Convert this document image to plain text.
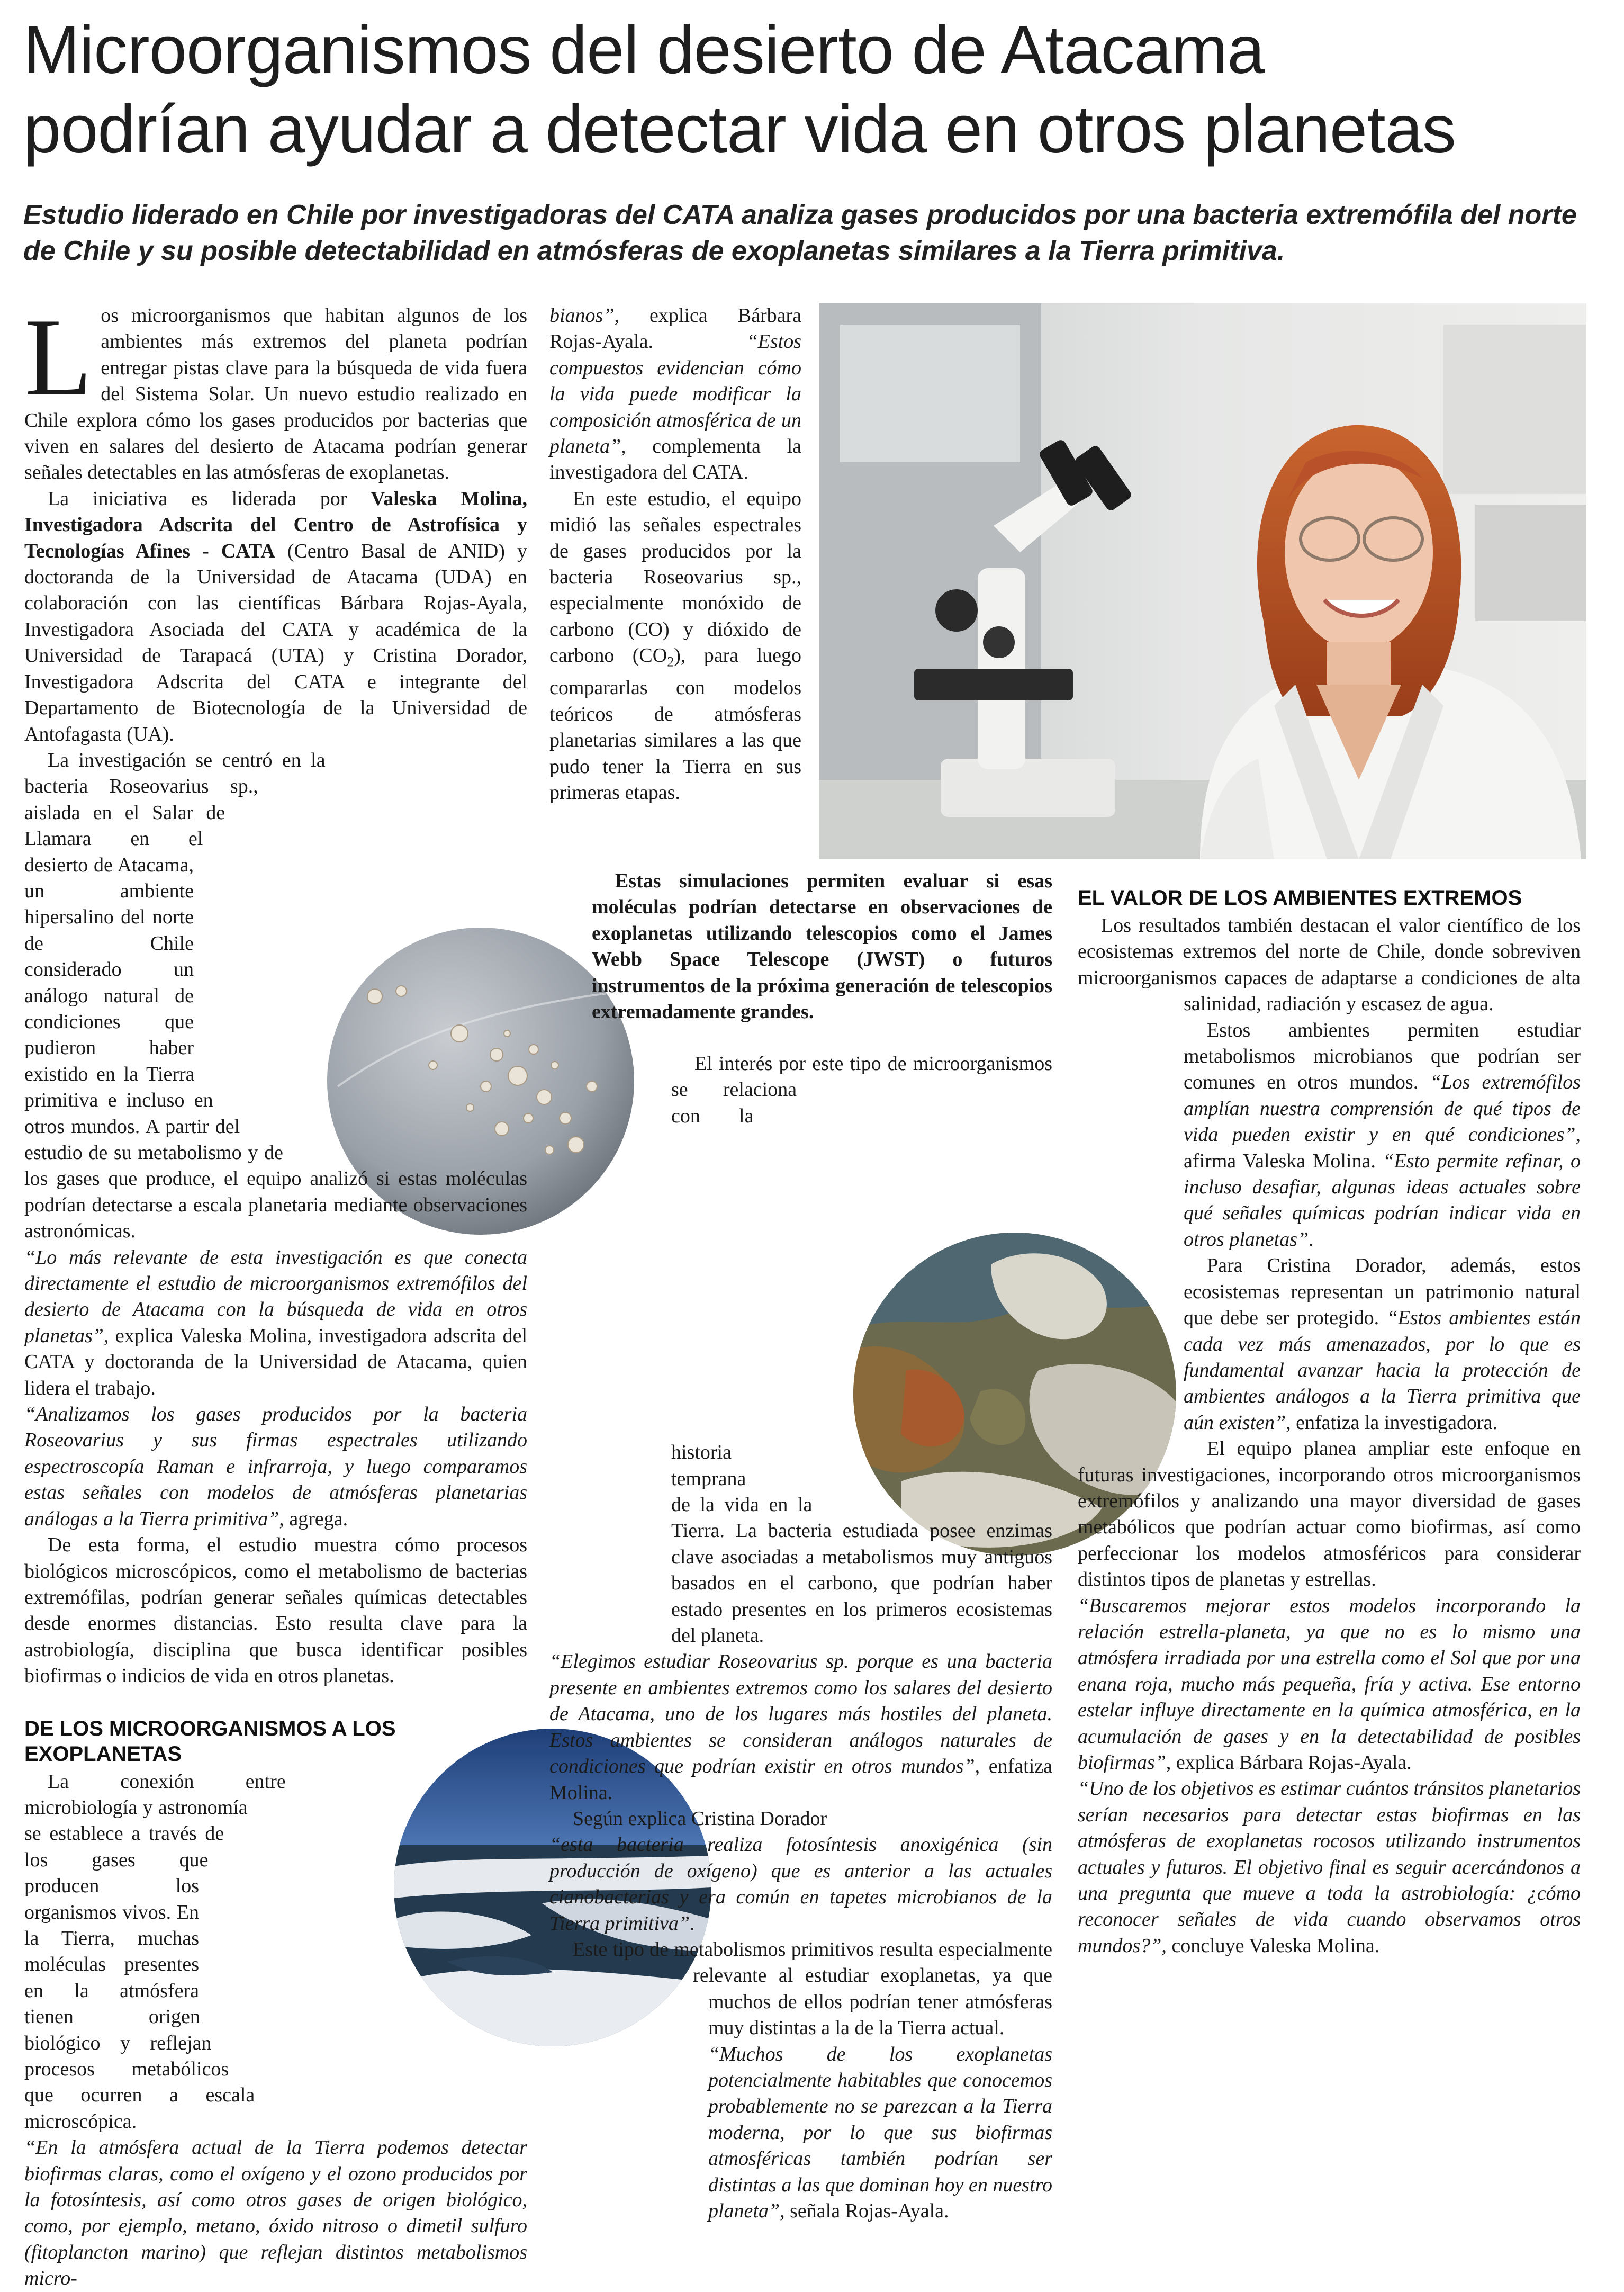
Microorganismos del desierto de Atacama
podrían ayudar a detectar vida en otros planetas

Estudio liderado en Chile por investigadoras del CATA analiza gases producidos por una bacteria extremófila del norte de Chile y su posible detectabilidad en atmósferas de exoplanetas similares a la Tierra primitiva.

L os microorganismos que habitan algunos de los ambientes más extremos del planeta podrían entregar pistas clave para la búsqueda de vida fuera del Sistema Solar. Un nuevo estudio realizado en Chile explora cómo los gases producidos por bacterias que viven en salares del desierto de Atacama podrían generar señales detectables en las atmósferas de exoplanetas.

La iniciativa es liderada por Valeska Molina, Investigadora Adscrita del Centro de Astrofísica y Tecnologías Afines - CATA (Centro Basal de ANID) y doctoranda de la Universidad de Atacama (UDA) en colaboración con las científicas Bárbara Rojas-Ayala, Investigadora Asociada del CATA y académica de la Universidad de Tarapacá (UTA) y Cristina Dorador, Investigadora Adscrita del CATA e integrante del Departamento de Biotecnología de la Universidad de Antofagasta (UA).

La investigación se centró en la bacteria Roseovarius sp., aislada en el Salar de Llamara en el desierto de Atacama, un ambiente hipersalino del norte de Chile considerado un análogo natural de condiciones que pudieron haber existido en la Tierra primitiva e incluso en otros mundos. A partir del estudio de su metabolismo y de los gases que produce, el equipo analizó si estas moléculas podrían detectarse a escala planetaria mediante observaciones astronómicas.

“Lo más relevante de esta investigación es que conecta directamente el estudio de microorganismos extremófilos del desierto de Atacama con la búsqueda de vida en otros planetas”, explica Valeska Molina, investigadora adscrita del CATA y doctoranda de la Universidad de Atacama, quien lidera el trabajo.

“Analizamos los gases producidos por la bacteria Roseovarius y sus firmas espectrales utilizando espectroscopía Raman e infrarroja, y luego comparamos estas señales con modelos de atmósferas planetarias análogas a la Tierra primitiva”, agrega.

De esta forma, el estudio muestra cómo procesos biológicos microscópicos, como el metabolismo de bacterias extremófilas, podrían generar señales químicas detectables desde enormes distancias. Esto resulta clave para la astrobiología, disciplina que busca identificar posibles biofirmas o indicios de vida en otros planetas.

DE LOS MICROORGANISMOS A LOS EXOPLANETAS

La conexión entre microbiología y astronomía se establece a través de los gases que producen los organismos vivos. En la Tierra, muchas moléculas presentes en la atmósfera tienen origen biológico y reflejan procesos metabólicos que ocurren a escala microscópica.

“En la atmósfera actual de la Tierra podemos detectar biofirmas claras, como el oxígeno y el ozono producidos por la fotosíntesis, así como otros gases de origen biológico, como, por ejemplo, metano, óxido nitroso o dimetil sulfuro (fitoplancton marino) que reflejan distintos metabolismos micro-

bianos”, explica Bárbara Rojas-Ayala. “Estos compuestos evidencian cómo la vida puede modificar la composición atmosférica de un planeta”, complementa la investigadora del CATA.

En este estudio, el equipo midió las señales espectrales de gases producidos por la bacteria Roseovarius sp., especialmente monóxido de carbono (CO) y dióxido de carbono $(CO_2)$, para luego compararlas con modelos teóricos de atmósferas planetarias similares a las que pudo tener la Tierra en sus primeras etapas.

Estas simulaciones permiten evaluar si esas moléculas podrían detectarse en observaciones de exoplanetas utilizando telescopios como el James Webb Space Telescope (JWST) o futuros instrumentos de la próxima generación de telescopios extremadamente grandes.

El interés por este tipo de microorganismos se relaciona con la historia temprana de la vida en la Tierra. La bacteria estudiada posee enzimas clave asociadas a metabolismos muy antiguos basados en el carbono, que podrían haber estado presentes en los primeros ecosistemas del planeta.

“Elegimos estudiar Roseovarius sp. porque es una bacteria presente en ambientes extremos como los salares del desierto de Atacama, uno de los lugares más hostiles del planeta. Estos ambientes se consideran análogos naturales de condiciones que podrían existir en otros mundos”, enfatiza Molina.

Según explica Cristina Dorador

“esta bacteria realiza fotosíntesis anoxigénica (sin producción de oxígeno) que es anterior a las actuales cianobacterias y era común en tapetes microbianos de la Tierra primitiva”.

Este tipo de metabolismos primitivos resulta especialmente relevante al estudiar exoplanetas, ya que muchos de ellos podrían tener atmósferas muy distintas a la de la Tierra actual.

“Muchos de los exoplanetas potencialmente habitables que conocemos probablemente no se parezcan a la Tierra moderna, por lo que sus biofirmas atmosféricas también podrían ser distintas a las que dominan hoy en nuestro planeta”, señala Rojas-Ayala.

EL VALOR DE LOS AMBIENTES EXTREMOS

Los resultados también destacan el valor científico de los ecosistemas extremos del norte de Chile, donde sobreviven microorganismos capaces de adaptarse a condiciones de alta salinidad, radiación y escasez de agua.

Estos ambientes permiten estudiar metabolismos microbianos que podrían ser comunes en otros mundos. “Los extremófilos amplían nuestra comprensión de qué tipos de vida pueden existir y en qué condiciones”, afirma Valeska Molina. “Esto permite refinar, o incluso desafiar, algunas ideas actuales sobre qué señales químicas podrían indicar vida en otros planetas”.

Para Cristina Dorador, además, estos ecosistemas representan un patrimonio natural que debe ser protegido. “Estos ambientes están cada vez más amenazados, por lo que es fundamental avanzar hacia la protección de ambientes análogos a la Tierra primitiva que aún existen”, enfatiza la investigadora.

El equipo planea ampliar este enfoque en futuras investigaciones, incorporando otros microorganismos extremófilos y analizando una mayor diversidad de gases metabólicos que podrían actuar como biofirmas, así como perfeccionar los modelos atmosféricos para considerar distintos tipos de planetas y estrellas.

“Buscaremos mejorar estos modelos incorporando la relación estrella-planeta, ya que no es lo mismo una atmósfera irradiada por una estrella como el Sol que por una enana roja, mucho más pequeña, fría y activa. Ese entorno estelar influye directamente en la química atmosférica, en la acumulación de gases y en la detectabilidad de posibles biofirmas”, explica Bárbara Rojas-Ayala.

“Uno de los objetivos es estimar cuántos tránsitos planetarios serían necesarios para detectar estas biofirmas en las atmósferas de exoplanetas rocosos utilizando instrumentos actuales y futuros. El objetivo final es seguir acercándonos a una pregunta que mueve a toda la astrobiología: ¿cómo reconocer señales de vida cuando observamos otros mundos?”, concluye Valeska Molina.
